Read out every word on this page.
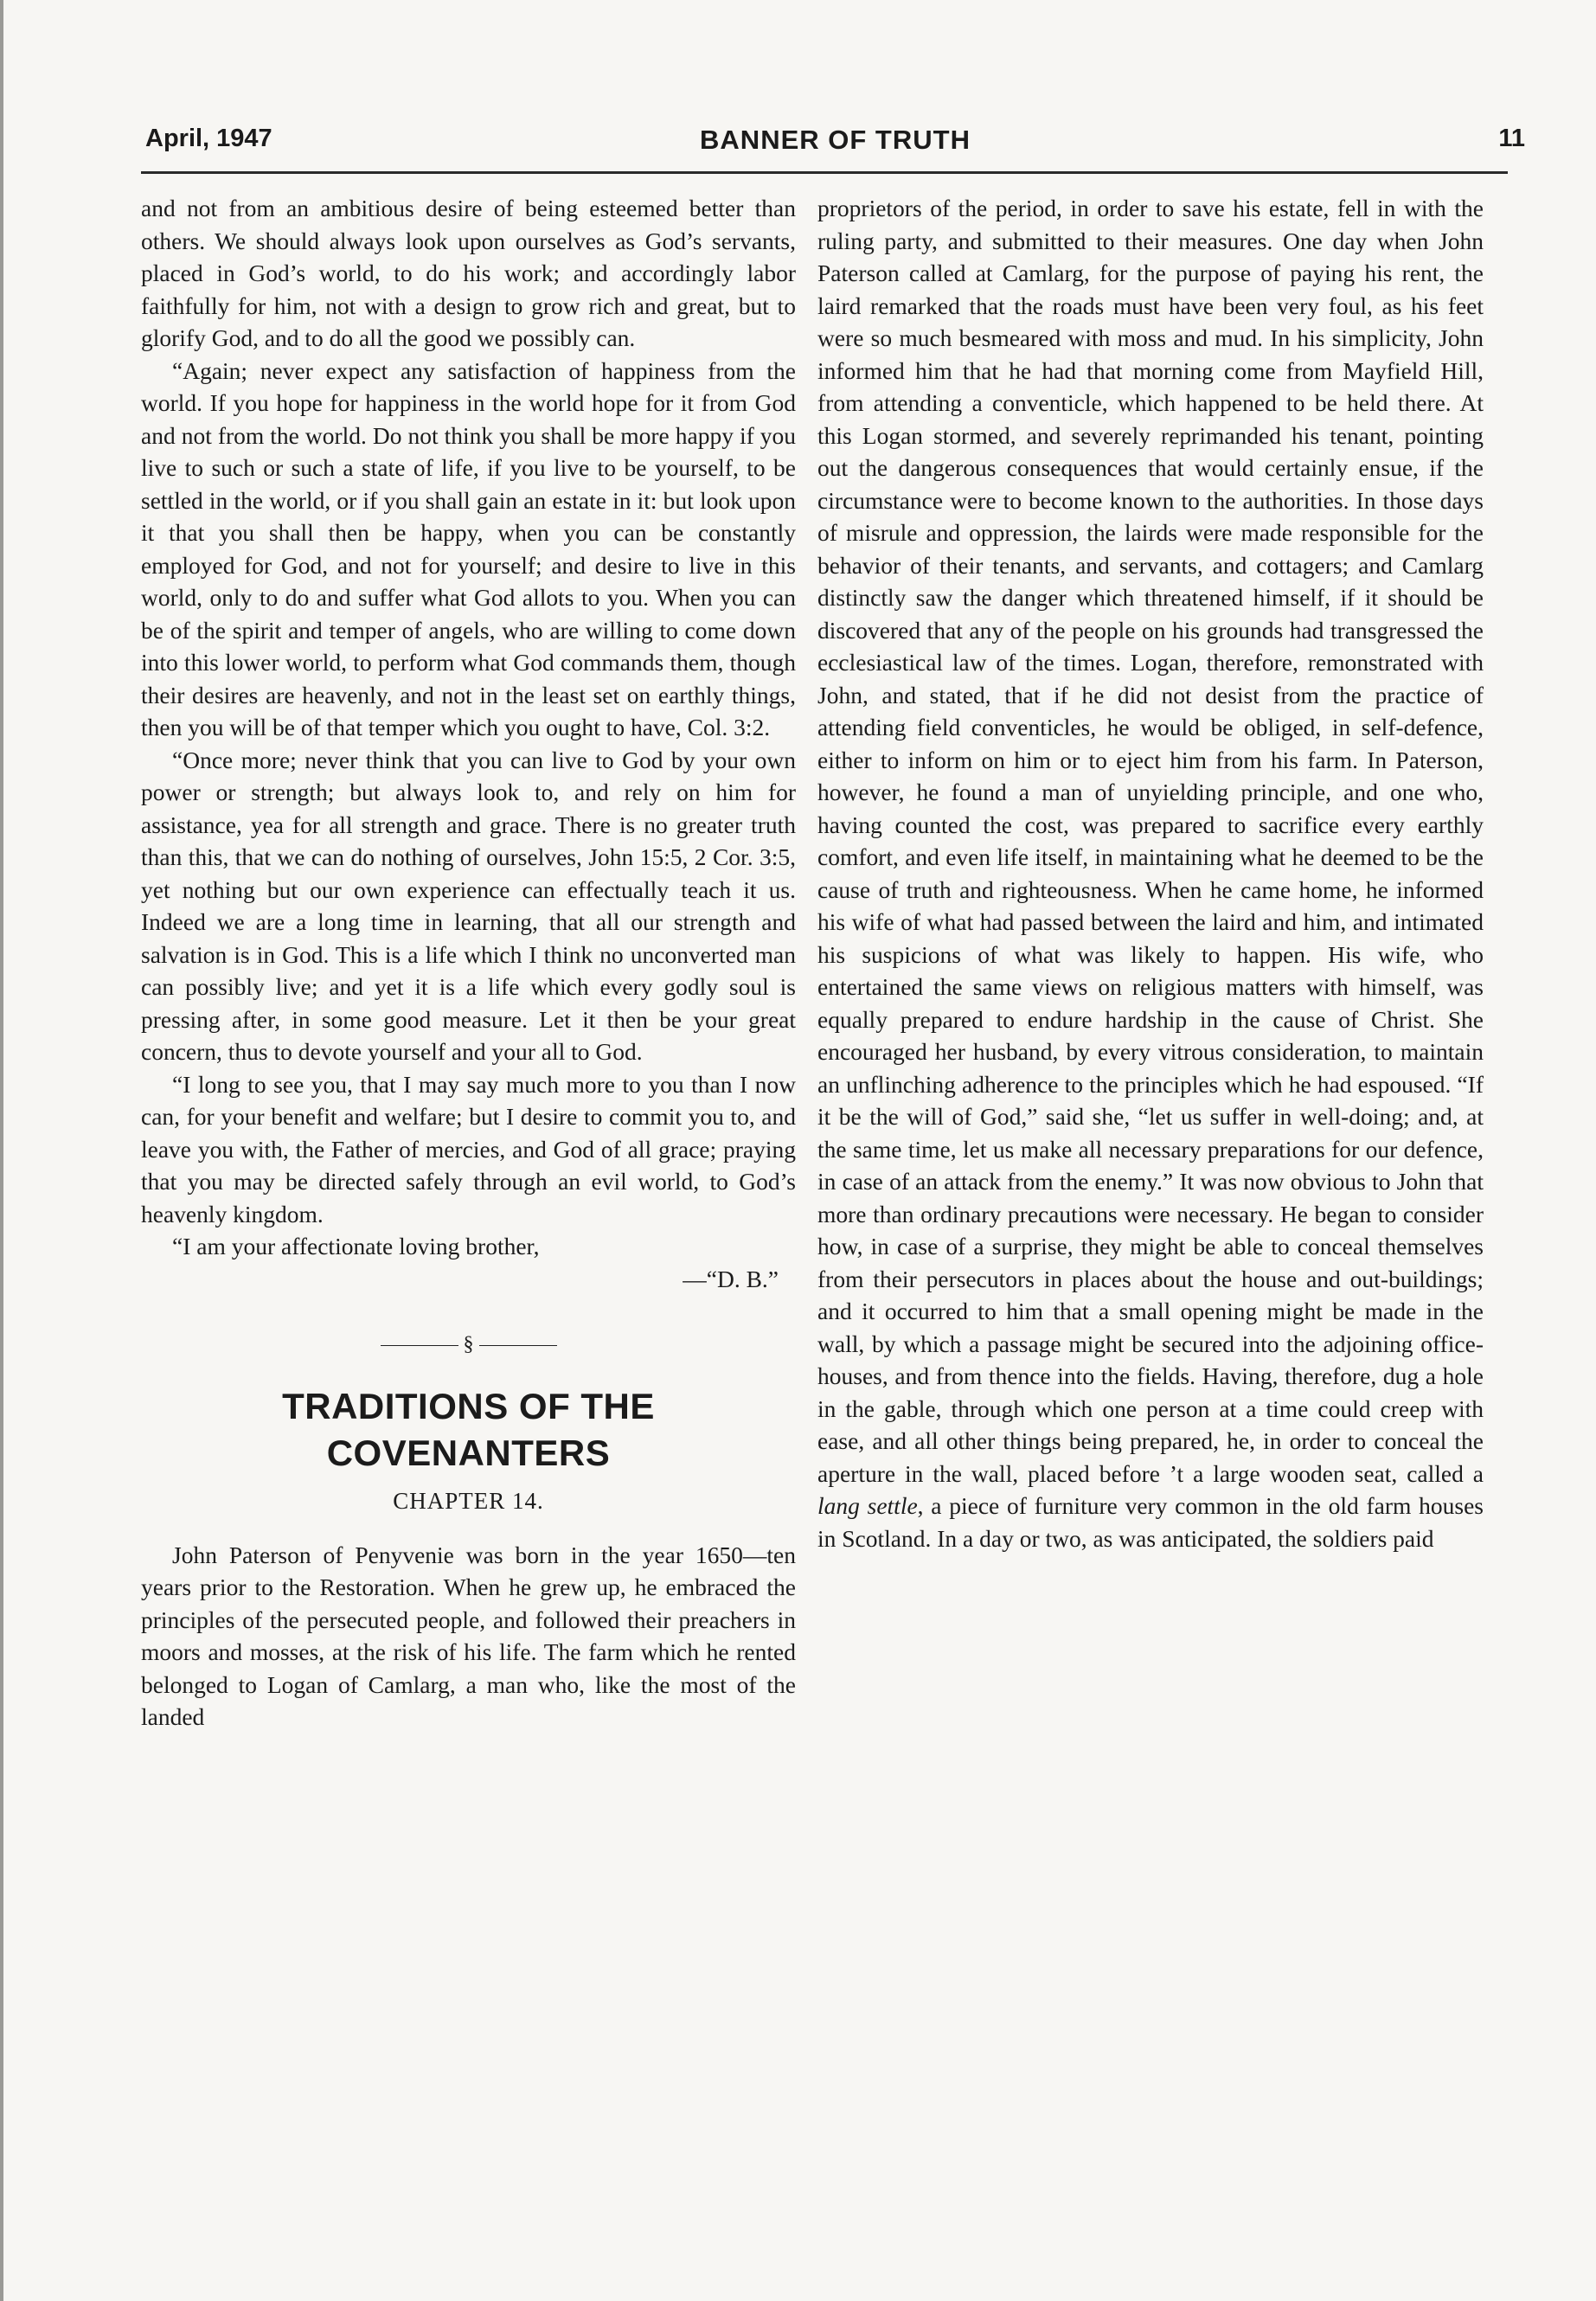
April, 1947	BANNER OF TRUTH	11

and not from an ambitious desire of being esteemed better than others. We should always look upon ourselves as God’s servants, placed in God’s world, to do his work; and accordingly labor faithfully for him, not with a design to grow rich and great, but to glorify God, and to do all the good we possibly can.

“Again; never expect any satisfaction of happiness from the world. If you hope for happiness in the world hope for it from God and not from the world. Do not think you shall be more happy if you live to such or such a state of life, if you live to be yourself, to be settled in the world, or if you shall gain an estate in it: but look upon it that you shall then be happy, when you can be constantly employed for God, and not for yourself; and desire to live in this world, only to do and suffer what God allots to you. When you can be of the spirit and temper of angels, who are willing to come down into this lower world, to perform what God commands them, though their desires are heavenly, and not in the least set on earthly things, then you will be of that temper which you ought to have, Col. 3:2.

“Once more; never think that you can live to God by your own power or strength; but always look to, and rely on him for assistance, yea for all strength and grace. There is no greater truth than this, that we can do nothing of ourselves, John 15:5, 2 Cor. 3:5, yet nothing but our own experience can effectually teach it us. Indeed we are a long time in learning, that all our strength and salvation is in God. This is a life which I think no unconverted man can possibly live; and yet it is a life which every godly soul is pressing after, in some good measure. Let it then be your great concern, thus to devote yourself and your all to God.

“I long to see you, that I may say much more to you than I now can, for your benefit and welfare; but I desire to commit you to, and leave you with, the Father of mercies, and God of all grace; praying that you may be directed safely through an evil world, to God’s heavenly kingdom.

“I am your affectionate loving brother,
—“D. B.”
§
TRADITIONS OF THE
COVENANTERS
CHAPTER 14.

John Paterson of Penyvenie was born in the year 1650—ten years prior to the Restoration. When he grew up, he embraced the principles of the persecuted people, and followed their preachers in moors and mosses, at the risk of his life. The farm which he rented belonged to Logan of Camlarg, a man who, like the most of the landed

proprietors of the period, in order to save his estate, fell in with the ruling party, and submitted to their measures. One day when John Paterson called at Camlarg, for the purpose of paying his rent, the laird remarked that the roads must have been very foul, as his feet were so much besmeared with moss and mud. In his simplicity, John informed him that he had that morning come from Mayfield Hill, from attending a conventicle, which happened to be held there. At this Logan stormed, and severely reprimanded his tenant, pointing out the dangerous consequences that would certainly ensue, if the circumstance were to become known to the authorities. In those days of misrule and oppression, the lairds were made responsible for the behavior of their tenants, and servants, and cottagers; and Camlarg distinctly saw the danger which threatened himself, if it should be discovered that any of the people on his grounds had transgressed the ecclesiastical law of the times. Logan, therefore, remonstrated with John, and stated, that if he did not desist from the practice of attending field conventicles, he would be obliged, in self-defence, either to inform on him or to eject him from his farm. In Paterson, however, he found a man of unyielding principle, and one who, having counted the cost, was prepared to sacrifice every earthly comfort, and even life itself, in maintaining what he deemed to be the cause of truth and righteousness. When he came home, he informed his wife of what had passed between the laird and him, and intimated his suspicions of what was likely to happen. His wife, who entertained the same views on religious matters with himself, was equally prepared to endure hardship in the cause of Christ. She encouraged her husband, by every vitrous consideration, to maintain an unflinching adherence to the principles which he had espoused. “If it be the will of God,” said she, “let us suffer in well-doing; and, at the same time, let us make all necessary preparations for our defence, in case of an attack from the enemy.” It was now obvious to John that more than ordinary precautions were necessary. He began to consider how, in case of a surprise, they might be able to conceal themselves from their persecutors in places about the house and out-buildings; and it occurred to him that a small opening might be made in the wall, by which a passage might be secured into the adjoining office-houses, and from thence into the fields. Having, therefore, dug a hole in the gable, through which one person at a time could creep with ease, and all other things being prepared, he, in order to conceal the aperture in the wall, placed before ’t a large wooden seat, called a lang settle, a piece of furniture very common in the old farm houses in Scotland. In a day or two, as was anticipated, the soldiers paid
